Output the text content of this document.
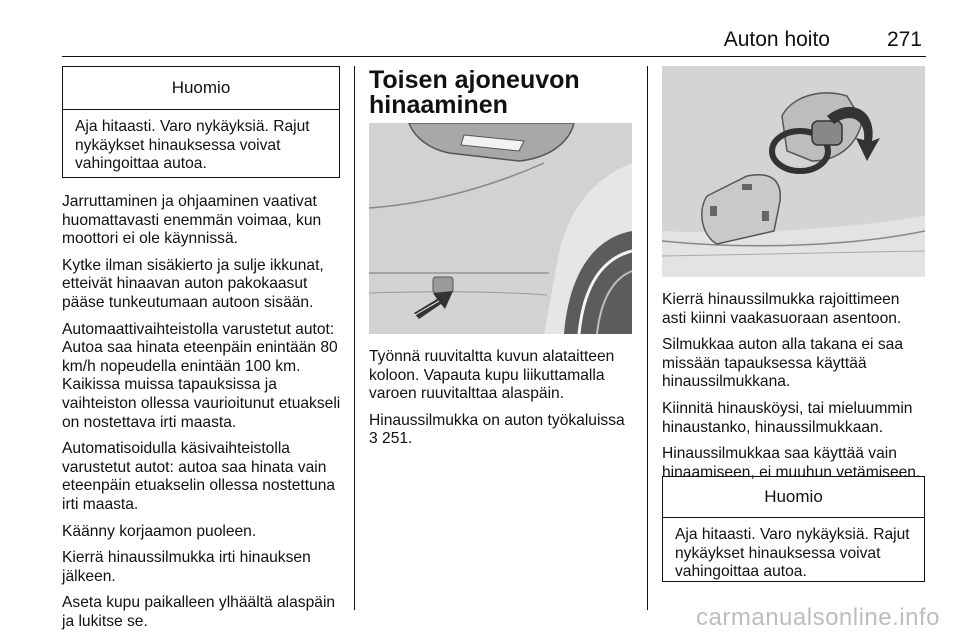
Auton hoito	271
Huomio
Aja hitaasti. Varo nykäyksiä. Rajut nykäykset hinauksessa voivat vahingoittaa autoa.

Jarruttaminen ja ohjaaminen vaativat huomattavasti enemmän voimaa, kun moottori ei ole käynnissä.

Kytke ilman sisäkierto ja sulje ikkunat, etteivät hinaavan auton pakokaasut pääse tunkeutumaan autoon sisään.

Automaattivaihteistolla varustetut autot: Autoa saa hinata eteenpäin enintään 80 km/h nopeudella enintään 100 km. Kaikissa muissa tapauksissa ja vaihteiston ollessa vaurioitunut etuakseli on nostettava irti maasta.

Automatisoidulla käsivaihteistolla varustetut autot: autoa saa hinata vain eteenpäin etuakselin ollessa nostettuna irti maasta.

Käänny korjaamon puoleen.

Kierrä hinaussilmukka irti hinauksen jälkeen.

Aseta kupu paikalleen ylhäältä alaspäin ja lukitse se.

Toisen ajoneuvon hinaaminen

Työnnä ruuvitaltta kuvun alataitteen koloon. Vapauta kupu liikuttamalla varoen ruuvitalttaa alaspäin.

Hinaussilmukka on auton työkaluissa

3 251.

Kierrä hinaussilmukka rajoittimeen asti kiinni vaakasuoraan asentoon.

Silmukkaa auton alla takana ei saa missään tapauksessa käyttää hinaussilmukkana.

Kiinnitä hinausköysi, tai mieluummin hinaustanko, hinaussilmukkaan.

Hinaussilmukkaa saa käyttää vain hinaamiseen, ei muuhun vetämiseen.

Huomio
Aja hitaasti. Varo nykäyksiä. Rajut nykäykset hinauksessa voivat vahingoittaa autoa.
carmanualsonline.info
